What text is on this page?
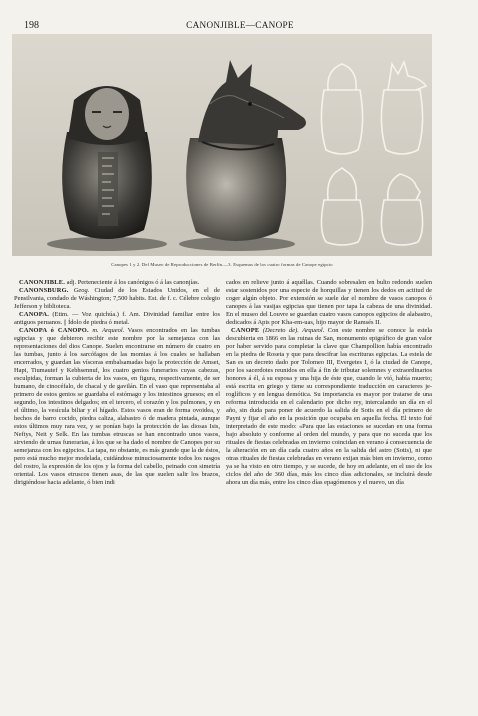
198	CANONJIBLE—CANOPE
Canopes 1 y 2. Del Museo de Reproducciones de Berlín.—3. Esquemas de los cuatro formas de Canope egipcio

CANONJIBLE. adj. Perteneciente á los canónigos ó á las canonjías.

CANONSBURG. Geog. Ciudad de los Estados Unidos, en el de Pensilvania, condado de Wáshington; 7,500 habits. Est. de f. c. Célebre colegio Jefferson y biblioteca.

CANOPA. (Etim. — Voz quichúa.) f. Am. Divinidad familiar entre los antiguos peruanos. || Ídolo de piedra ó metal.

CANOPA ó CANOPO. m. Arqueol. Vasos encontrados en las tumbas egipcias y que debieron recibir este nombre por la semejanza con las representaciones del dios Canope. Suelen encontrarse en número de cuatro en las tumbas, junto á los sarcófagos de las momias á los cuales se hallaban encerrados, y guardan las vísceras embalsamadas bajo la protección de Amset, Hapi, Tiumautef y Kebhsennuf, los cuatro genios funerarios cuyas cabezas, esculpidas, forman la cubierta de los vasos, en figura, respectivamente, de ser humano, de cinocéfalo, de chacal y de gavilán. En el vaso que representaba al primero de estos genios se guardaba el estómago y los intestinos gruesos; en el segundo, los intestinos delgados; en el tercero, el corazón y los pulmones, y en el último, la vesícula biliar y el hígado. Estos vasos eran de forma ovoidea, y hechos de barro cocido, piedra caliza, alabastro ó de madera pintada, aunque estos últimos muy rara vez, y se ponían bajo la protección de las diosas Isis, Neftys, Neit y Selk. En las tumbas etruscas se han encontrado unos vasos, sirviendo de urnas funerarias, á los que se ha dado el nombre de Canopes por su semejanza con los egipcios. La tapa, no obstante, es más grande que la de éstos, pero está mucho mejor modelada, cuidándose minuciosamente todos los rasgos del rostro, la expresión de los ojos y la forma del cabello, peinado con simetría oriental. Los vasos etruscos tienen asas, de las que suelen salir los brazos, dirigiéndose hacia adelante, ó bien indi

cados en relieve junto á aquéllas. Cuando sobresalen en bulto redondo suelen estar sostenidos por una especie de horquillas y tienen los dedos en actitud de coger algún objeto. Por extensión se suele dar el nombre de vasos canopos ó canopes á las vasijas egipcias que tienen por tapa la cabeza de una divinidad. En el museo del Louvre se guardan cuatro vasos canopos egipcios de alabastro, dedicados á Apis por Kha-em-uas, hijo mayor de Ramsés II.

CANOPE (Decreto de). Arqueol. Con este nombre se conoce la estela descubierta en 1866 en las ruinas de San, monumento epigráfico de gran valor por haber servido para completar la clave que Champollion había encontrado en la piedra de Roseta y que para descifrar las escrituras egipcias. La estela de San es un decreto dado por Tolomeo III, Evergetes I, ó la ciudad de Canope, por los sacerdotes reunidos en ella á fin de tributar solemnes y extraordinarios honores á él, á su esposa y una hija de éste que, cuando le vió, había muerto; está escrita en griego y tiene su correspondiente traducción en caracteres jeroglíficos y en lengua demótica. Su importancia es mayor por tratarse de una reforma introducida en el calendario por dicho rey, intercalando un día en el año, sin duda para poner de acuerdo la salida de Sotis en el día primero de Payni y fijar el año en la posición que ocupaba en aquella fecha. El texto fué interpretado de este modo: «Para que las estaciones se sucedan en una forma bajo absoluto y conforme al orden del mundo, y para que no suceda que los rituales de fiestas celebradas en invierno coincidan en verano á consecuencia de la alteración en un día cada cuatro años en la salida del astro (Sotis), ni que otras rituales de fiestas celebradas en verano exijan más bien en invierno, como ya se ha visto en otro tiempo, y se sucede, de hoy en adelante, en el uso de los ciclos del año de 360 días, más los cinco días adicionales, se incluirá desde ahora un día más, entre los cinco días epagómenos y el nuevo, un día
